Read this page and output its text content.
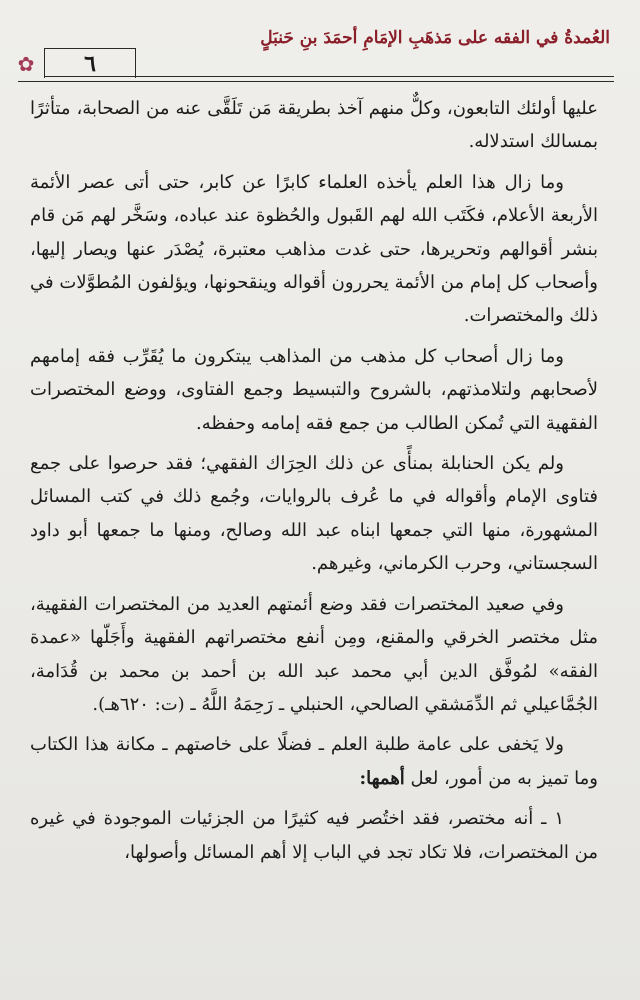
العُمدةُ في الفقه على مَذهَبِ الإمَامِ أحمَدَ بنِ حَنبَلٍ
✿	٦

عليها أولئك التابعون، وكلٌّ منهم آخذ بطريقة مَن تَلَقَّى عنه من الصحابة، متأثرًا بمسالك استدلاله.

وما زال هذا العلم يأخذه العلماء كابرًا عن كابر، حتى أتى عصر الأئمة الأربعة الأعلام، فكَتَب الله لهم القَبول والحُظوة عند عباده، وسَخَّر لهم مَن قام بنشر أقوالهم وتحريرها، حتى غدت مذاهب معتبرة، يُصْدَر عنها ويصار إليها، وأصحاب كل إمام من الأئمة يحررون أقواله وينقحونها، ويؤلفون المُطوَّلات في ذلك والمختصرات.

وما زال أصحاب كل مذهب من المذاهب يبتكرون ما يُقَرِّب فقه إمامهم لأصحابهم ولتلامذتهم، بالشروح والتبسيط وجمع الفتاوى، ووضع المختصرات الفقهية التي تُمكن الطالب من جمع فقه إمامه وحفظه.

ولم يكن الحنابلة بمنأًى عن ذلك الحِرَاك الفقهي؛ فقد حرصوا على جمع فتاوى الإمام وأقواله في ما عُرف بالروايات، وجُمع ذلك في كتب المسائل المشهورة، منها التي جمعها ابناه عبد الله وصالح، ومنها ما جمعها أبو داود السجستاني، وحرب الكرماني، وغيرهم.

وفي صعيد المختصرات فقد وضع أئمتهم العديد من المختصرات الفقهية، مثل مختصر الخرقي والمقنع، ومِن أنفع مختصراتهم الفقهية وأَجَلّها «عمدة الفقه» لمُوفَّق الدين أبي محمد عبد الله بن أحمد بن محمد بن قُدَامة، الجُمَّاعيلي ثم الدِّمَشقي الصالحي، الحنبلي ـ رَحِمَهُ اللَّهُ ـ (ت: ٦٢٠هـ).

ولا يَخفى على عامة طلبة العلم ـ فضلًا على خاصتهم ـ مكانة هذا الكتاب وما تميز به من أمور، لعل أهمها:

١ ـ أنه مختصر، فقد اختُصر فيه كثيرًا من الجزئيات الموجودة في غيره من المختصرات، فلا تكاد تجد في الباب إلا أهم المسائل وأصولها،
